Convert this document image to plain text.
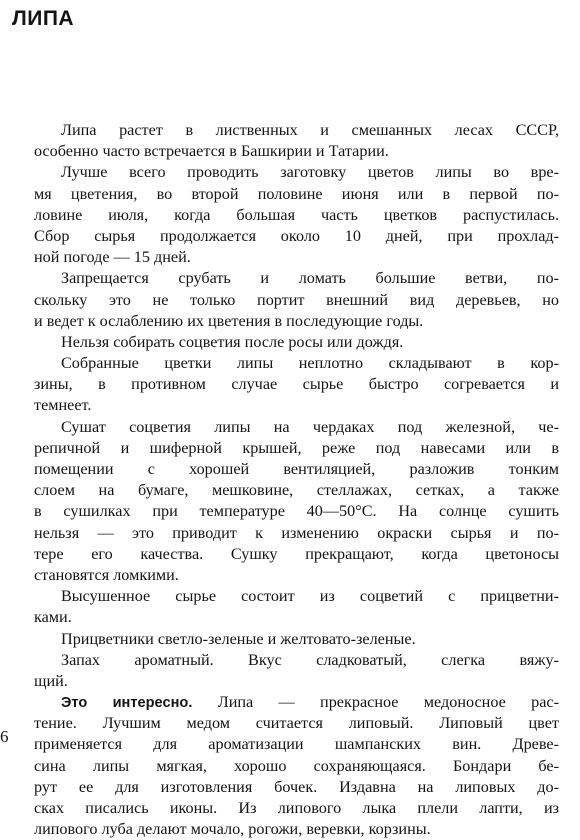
ЛИПА
Липа растет в лиственных и смешанных лесах СССР,
особенно часто встречается в Башкирии и Татарии.
Лучше всего проводить заготовку цветов липы во вре-
мя цветения, во второй половине июня или в первой по-
ловине июля, когда большая часть цветков распустилась.
Сбор сырья продолжается около 10 дней, при прохлад-
ной погоде — 15 дней.
Запрещается срубать и ломать большие ветви, по-
скольку это не только портит внешний вид деревьев, но
и ведет к ослаблению их цветения в последующие годы.
Нельзя собирать соцветия после росы или дождя.
Собранные цветки липы неплотно складывают в кор-
зины, в противном случае сырье быстро согревается и
темнеет.
Сушат соцветия липы на чердаках под железной, че-
репичной и шиферной крышей, реже под навесами или в
помещении с хорошей вентиляцией, разложив тонким
слоем на бумаге, мешковине, стеллажах, сетках, а также
в сушилках при температуре 40—50°С. На солнце сушить
нельзя — это приводит к изменению окраски сырья и по-
тере его качества. Сушку прекращают, когда цветоносы
становятся ломкими.
Высушенное сырье состоит из соцветий с прицветни-
ками.
Прицветники светло-зеленые и желтовато-зеленые.
Запах ароматный. Вкус сладковатый, слегка вяжу-
щий.
Это интересно. Липа — прекрасное медоносное рас-
тение. Лучшим медом считается липовый. Липовый цвет
применяется для ароматизации шампанских вин. Древе-
сина липы мягкая, хорошо сохраняющаяся. Бондари бе-
рут ее для изготовления бочек. Издавна на липовых до-
сках писались иконы. Из липового лыка плели лапти, из
липового луба делают мочало, рогожи, веревки, корзины.
6
